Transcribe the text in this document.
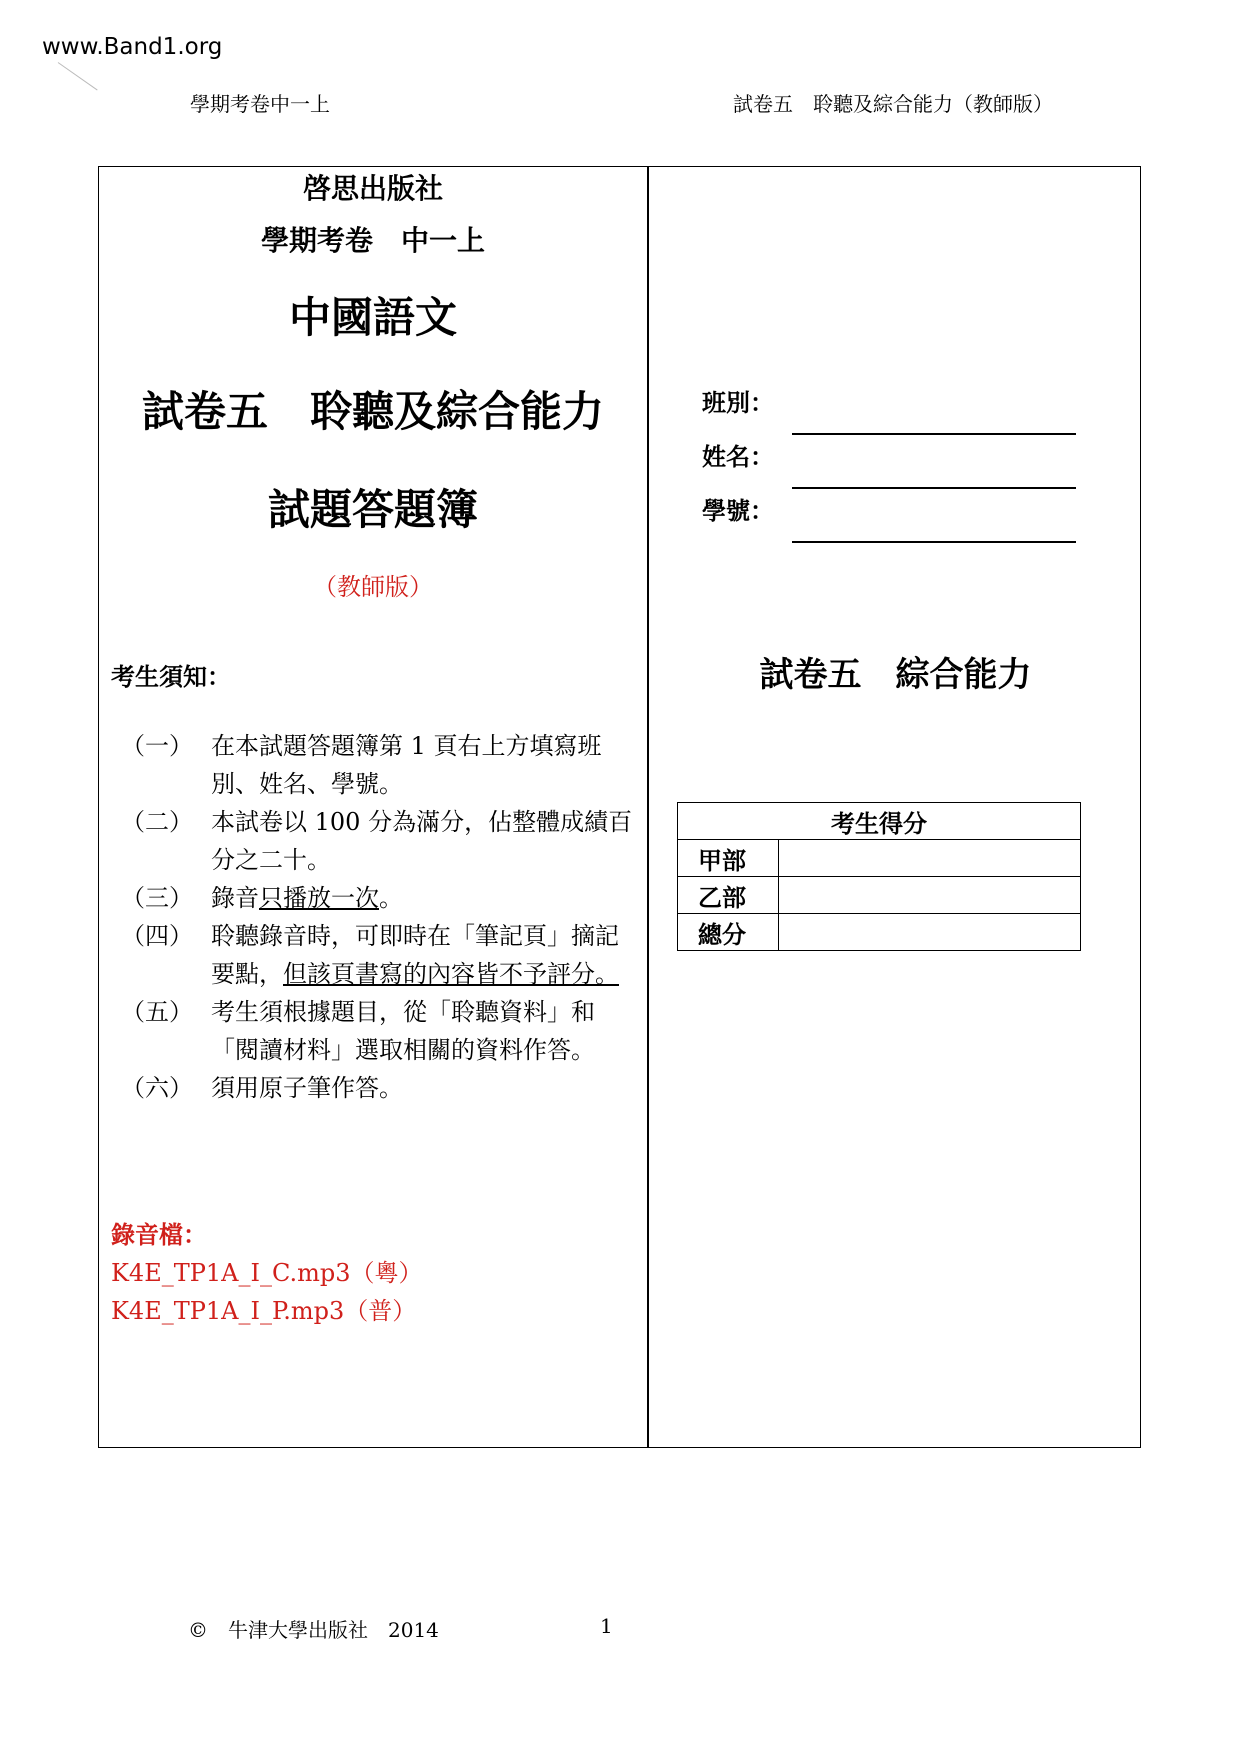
www.Band1.org
學期考卷中一上	試卷五　聆聽及綜合能力（教師版）
啓思出版社
學期考卷　中一上
中國語文
試卷五　聆聽及綜合能力
試題答題簿
（教師版）
考生須知：
（一） 在本試題答題簿第 1 頁右上方填寫班別、姓名、學號。
（二） 本試卷以 100 分為滿分，佔整體成績百分之二十。
（三） 錄音只播放一次。
（四） 聆聽錄音時，可即時在「筆記頁」摘記要點，但該頁書寫的內容皆不予評分。
（五） 考生須根據題目，從「聆聽資料」和「閱讀材料」選取相關的資料作答。
（六） 須用原子筆作答。
錄音檔：
K4E_TP1A_I_C.mp3（粵）
K4E_TP1A_I_P.mp3（普）
班別：
姓名：
學號：
試卷五　綜合能力
考生得分	
甲部	
乙部	
總分	
©　牛津大學出版社　2014	1
